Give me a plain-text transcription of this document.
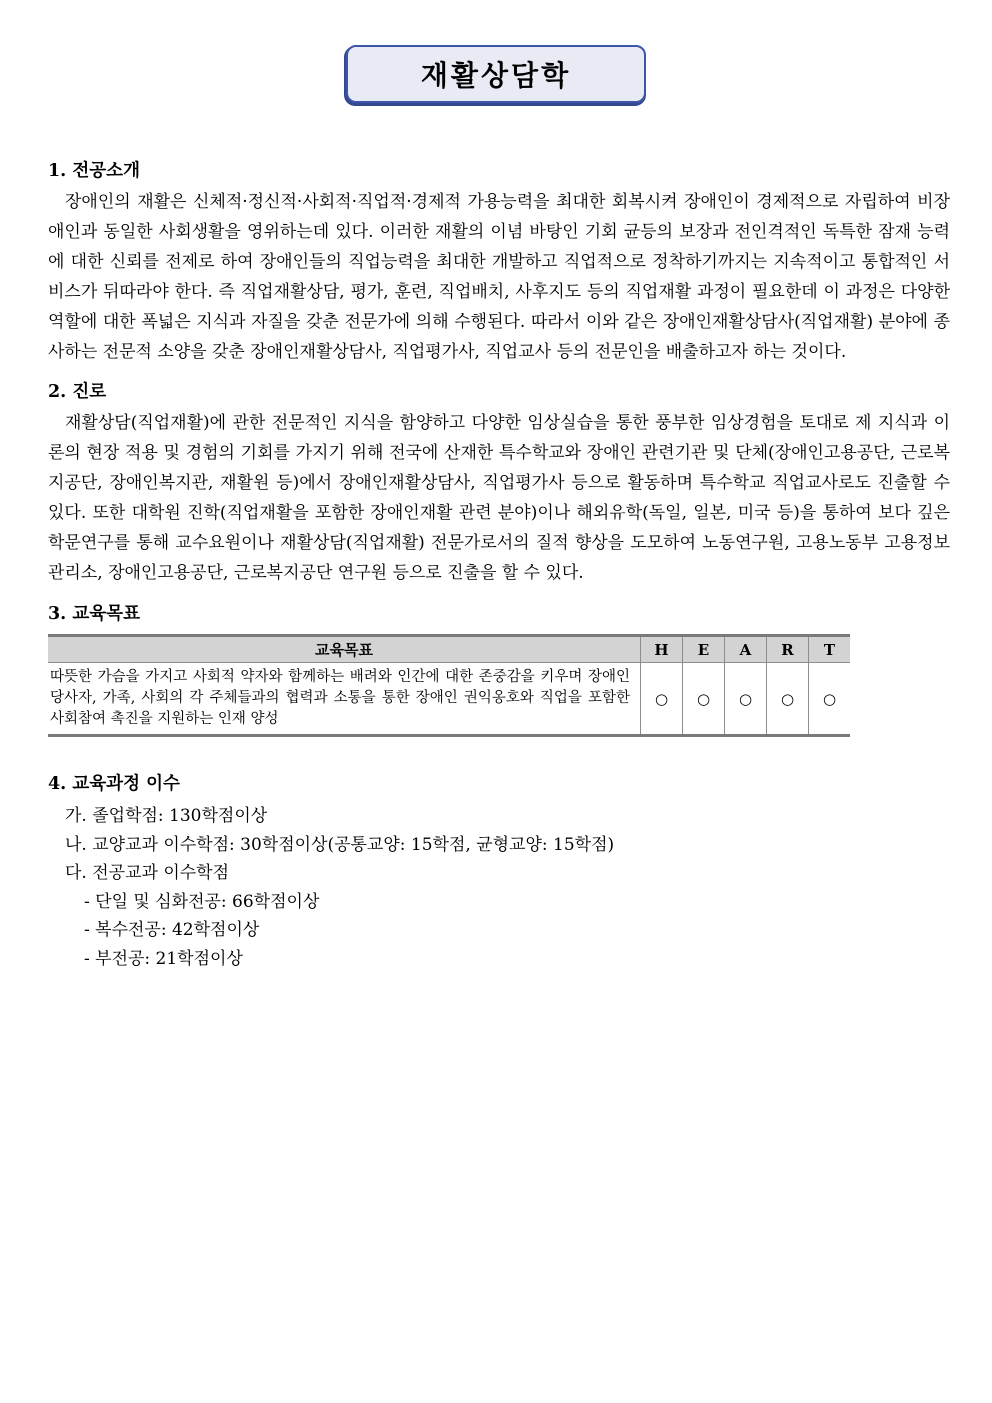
재활상담학
1. 전공소개
장애인의 재활은 신체적·정신적·사회적·직업적·경제적 가용능력을 최대한 회복시켜 장애인이 경제적으로 자립하여 비장애인과 동일한 사회생활을 영위하는데 있다. 이러한 재활의 이념 바탕인 기회 균등의 보장과 전인격적인 독특한 잠재 능력에 대한 신뢰를 전제로 하여 장애인들의 직업능력을 최대한 개발하고 직업적으로 정착하기까지는 지속적이고 통합적인 서비스가 뒤따라야 한다. 즉 직업재활상담, 평가, 훈련, 직업배치, 사후지도 등의 직업재활 과정이 필요한데 이 과정은 다양한 역할에 대한 폭넓은 지식과 자질을 갖춘 전문가에 의해 수행된다. 따라서 이와 같은 장애인재활상담사(직업재활) 분야에 종사하는 전문적 소양을 갖춘 장애인재활상담사, 직업평가사, 직업교사 등의 전문인을 배출하고자 하는 것이다.
2. 진로
재활상담(직업재활)에 관한 전문적인 지식을 함양하고 다양한 임상실습을 통한 풍부한 임상경험을 토대로 제 지식과 이론의 현장 적용 및 경험의 기회를 가지기 위해 전국에 산재한 특수학교와 장애인 관련기관 및 단체(장애인고용공단, 근로복지공단, 장애인복지관, 재활원 등)에서 장애인재활상담사, 직업평가사 등으로 활동하며 특수학교 직업교사로도 진출할 수 있다. 또한 대학원 진학(직업재활을 포함한 장애인재활 관련 분야)이나 해외유학(독일, 일본, 미국 등)을 통하여 보다 깊은 학문연구를 통해 교수요원이나 재활상담(직업재활) 전문가로서의 질적 향상을 도모하여 노동연구원, 고용노동부 고용정보관리소, 장애인고용공단, 근로복지공단 연구원 등으로 진출을 할 수 있다.
3. 교육목표
교육목표	H	E	A	R	T
따뜻한 가슴을 가지고 사회적 약자와 함께하는 배려와 인간에 대한 존중감을 키우며 장애인당사자, 가족, 사회의 각 주체들과의 협력과 소통을 통한 장애인 권익옹호와 직업을 포함한 사회참여 촉진을 지원하는 인재 양성	○	○	○	○	○
4. 교육과정 이수
가. 졸업학점: 130학점이상
나. 교양교과 이수학점: 30학점이상(공통교양: 15학점, 균형교양: 15학점)
다. 전공교과 이수학점
- 단일 및 심화전공: 66학점이상
- 복수전공: 42학점이상
- 부전공: 21학점이상
